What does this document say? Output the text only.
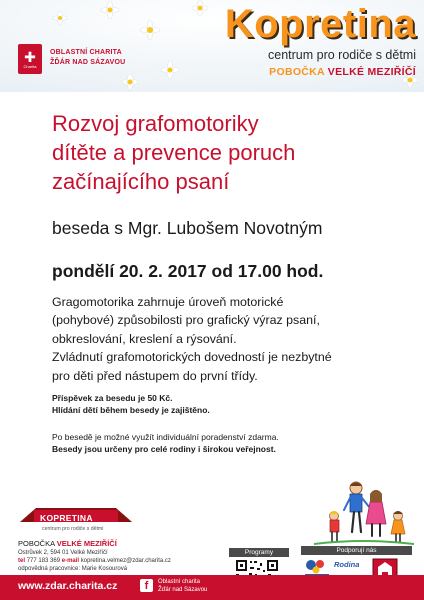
✚
Charita
OBLASTNÍ CHARITA
ŽĎÁR NAD SÁZAVOU
Kopretina
centrum pro rodiče s dětmi
POBOČKA VELKÉ MEZIŘÍČÍ
Rozvoj grafomotoriky
dítěte a prevence poruch
začínajícího psaní
beseda s Mgr. Lubošem Novotným
pondělí 20. 2. 2017 od 17.00 hod.

Gragomotorika zahrnuje úroveň motorické

(pohybové) způsobilosti pro grafický výraz psaní,

obkreslování, kreslení a rýsování.

Zvládnutí grafomotorických dovedností je nezbytné

pro děti před nástupem do první třídy.

Příspěvek za besedu je 50 Kč.

Hlídání dětí během besedy je zajištěno.

Po besedě je možné využít individuální poradenství zdarma.

Besedy jsou určeny pro celé rodiny i širokou veřejnost.

KOPRETINA
centrum pro rodiče s dětmi
POBOČKA VELKÉ MEZIŘÍČÍ
Ostrůvek 2, 594 01 Velké Meziříčí
tel 777 183 369 e-mail kopretina.velmez@zdar.charita.cz
odpovědná pracovnice: Marie Kosourová
Programy	Podporují nás
Rodina
www.zdar.charita.cz	f	Oblastní charita
Žďár nad Sázavou
